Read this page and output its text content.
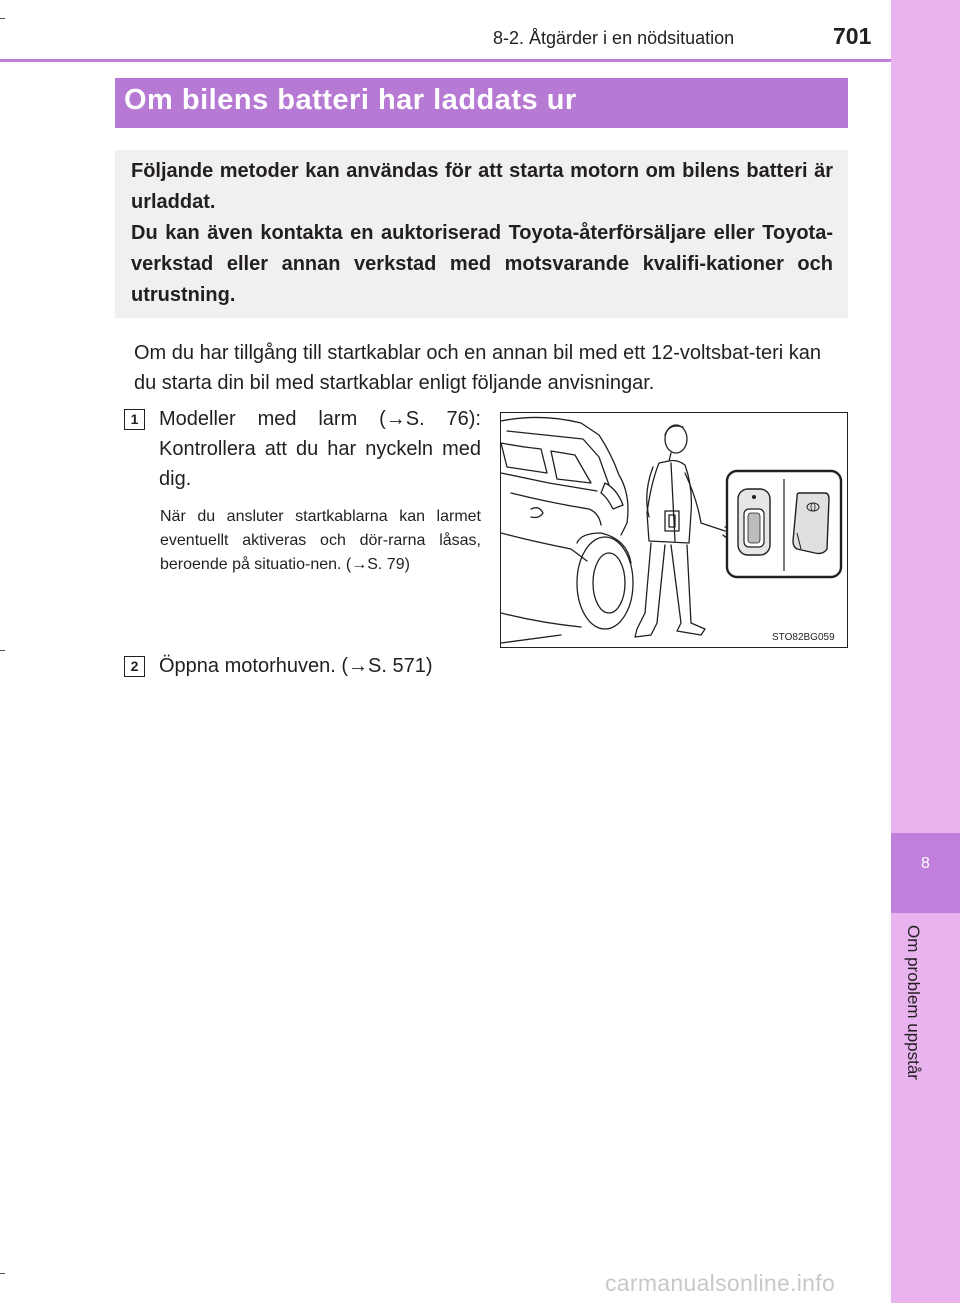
8
Om problem uppstår
8-2. Åtgärder i en nödsituation	701
Om bilens batteri har laddats ur

Följande metoder kan användas för att starta motorn om bilens batteri är urladdat.

Du kan även kontakta en auktoriserad Toyota-återförsäljare eller Toyota-verkstad eller annan verkstad med motsvarande kvalifi-kationer och utrustning.

Om du har tillgång till startkablar och en annan bil med ett 12-voltsbat-teri kan du starta din bil med startkablar enligt följande anvisningar.
1	Modeller med larm (→S. 76): Kontrollera att du har nyckeln med dig.
När du ansluter startkablarna kan larmet eventuellt aktiveras och dör-rarna låsas, beroende på situatio-nen. (→S. 79)
2	Öppna motorhuven. (→S. 571)
STO82BG059
carmanualsonline.info
